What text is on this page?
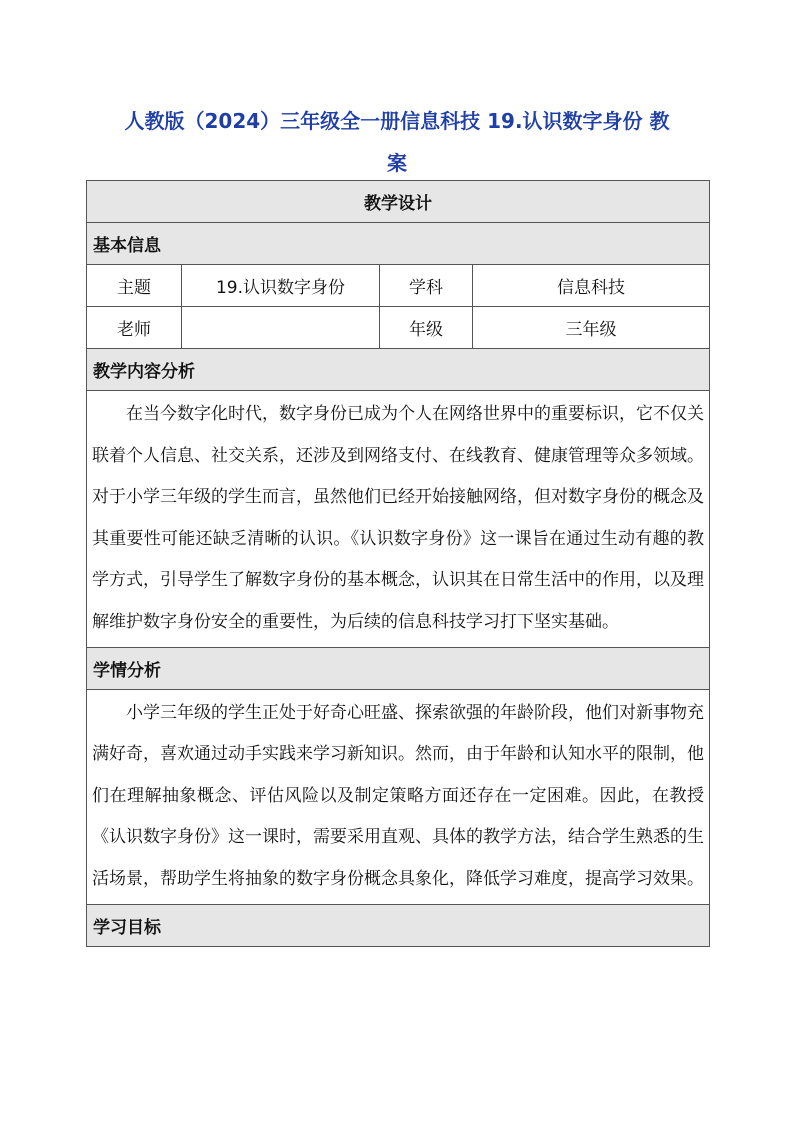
人教版（2024）三年级全一册信息科技 19.认识数字身份 教
案
教学设计			
基本信息			
主题	19.认识数字身份	学科	信息科技
老师		年级	三年级
教学内容分析			

在当今数字化时代，数字身份已成为个人在网络世界中的重要标识，它不仅关联着个人信息、社交关系，还涉及到网络支付、在线教育、健康管理等众多领域。对于小学三年级的学生而言，虽然他们已经开始接触网络，但对数字身份的概念及其重要性可能还缺乏清晰的认识。《认识数字身份》这一课旨在通过生动有趣的教学方式，引导学生了解数字身份的基本概念，认识其在日常生活中的作用，以及理解维护数字身份安全的重要性，为后续的信息科技学习打下坚实基础。			

学情分析			

小学三年级的学生正处于好奇心旺盛、探索欲强的年龄阶段，他们对新事物充满好奇，喜欢通过动手实践来学习新知识。然而，由于年龄和认知水平的限制，他们在理解抽象概念、评估风险以及制定策略方面还存在一定困难。因此，在教授《认识数字身份》这一课时，需要采用直观、具体的教学方法，结合学生熟悉的生活场景，帮助学生将抽象的数字身份概念具象化，降低学习难度，提高学习效果。			

学习目标			
